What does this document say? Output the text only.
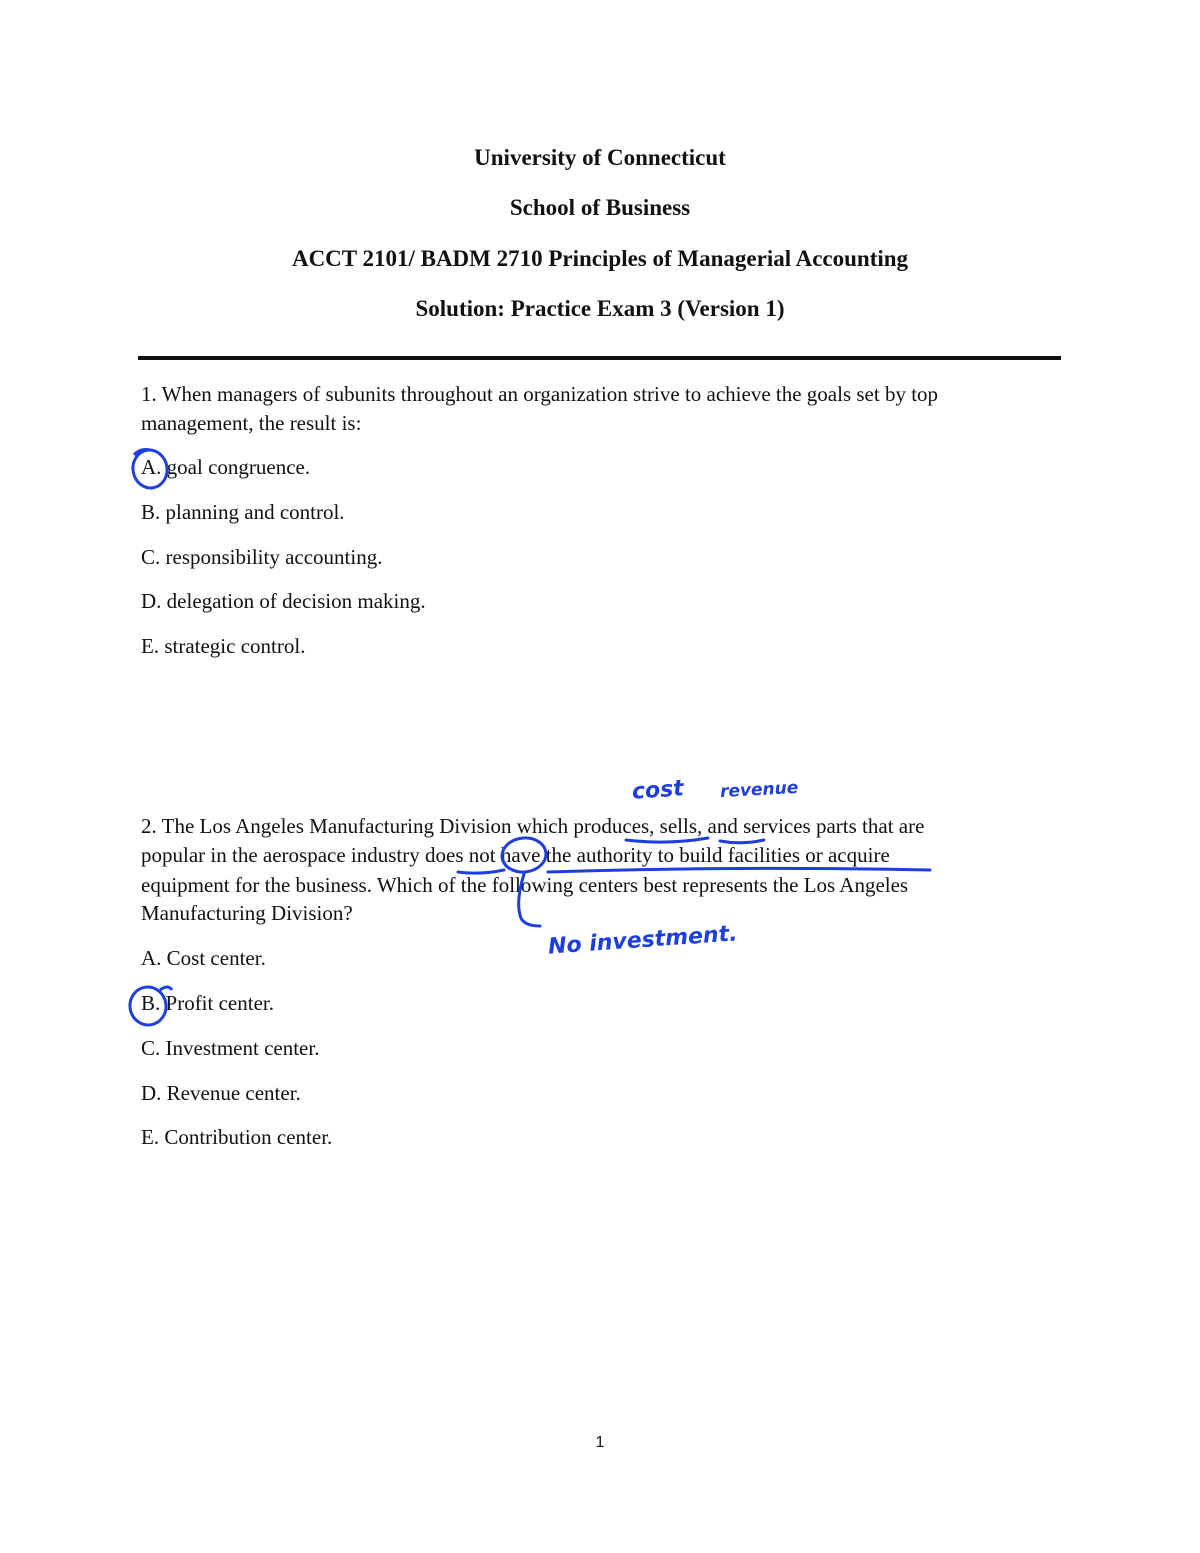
University of Connecticut

School of Business

ACCT 2101/ BADM 2710 Principles of Managerial Accounting

Solution: Practice Exam 3 (Version 1)

1. When managers of subunits throughout an organization strive to achieve the goals set by top

management, the result is:

A. goal congruence.

B. planning and control.

C. responsibility accounting.

D. delegation of decision making.

E. strategic control.

2. The Los Angeles Manufacturing Division which produces, sells, and services parts that are

popular in the aerospace industry does not have the authority to build facilities or acquire

equipment for the business. Which of the following centers best represents the Los Angeles

Manufacturing Division?

A. Cost center.

B. Profit center.

C. Investment center.

D. Revenue center.

E. Contribution center.

cost revenue

No investment.

1
